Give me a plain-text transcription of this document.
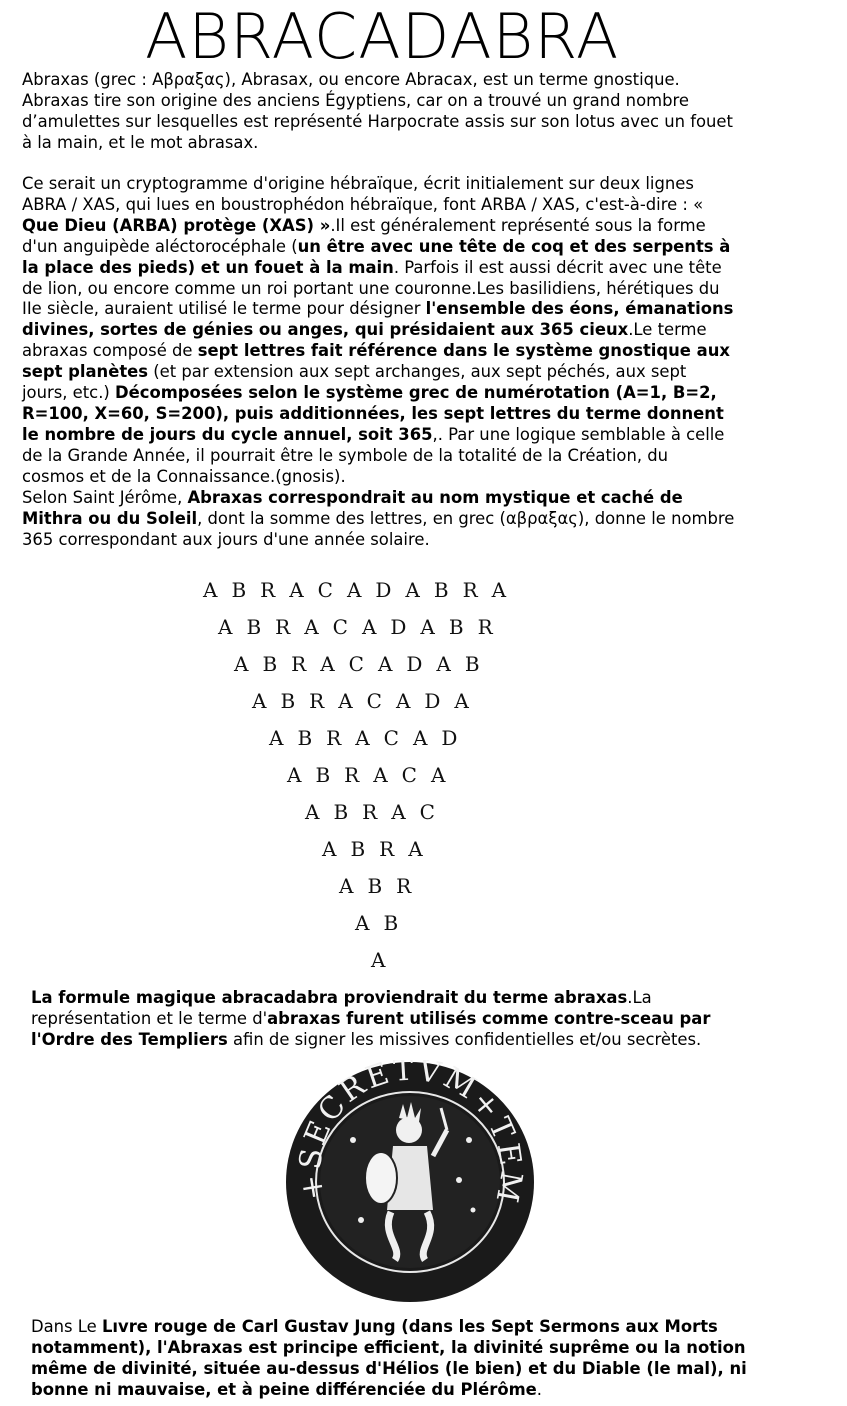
ABRACADABRA
Abraxas (grec : Αβραξας), Abrasax, ou encore Abracax, est un terme gnostique.
Abraxas tire son origine des anciens Égyptiens, car on a trouvé un grand nombre
d’amulettes sur lesquelles est représenté Harpocrate assis sur son lotus avec un fouet
à la main, et le mot abrasax.
Ce serait un cryptogramme d'origine hébraïque, écrit initialement sur deux lignes
ABRA / XAS, qui lues en boustrophédon hébraïque, font ARBA / XAS, c'est-à-dire : «
Que Dieu (ARBA) protège (XAS) ».Il est généralement représenté sous la forme
d'un anguipède aléctorocéphale (un être avec une tête de coq et des serpents à
la place des pieds) et un fouet à la main. Parfois il est aussi décrit avec une tête
de lion, ou encore comme un roi portant une couronne.Les basilidiens, hérétiques du
IIe siècle, auraient utilisé le terme pour désigner l'ensemble des éons, émanations
divines, sortes de génies ou anges, qui présidaient aux 365 cieux.Le terme
abraxas composé de sept lettres fait référence dans le système gnostique aux
sept planètes (et par extension aux sept archanges, aux sept péchés, aux sept
jours, etc.) Décomposées selon le système grec de numérotation (A=1, B=2,
R=100, X=60, S=200), puis additionnées, les sept lettres du terme donnent
le nombre de jours du cycle annuel, soit 365,. Par une logique semblable à celle
de la Grande Année, il pourrait être le symbole de la totalité de la Création, du
cosmos et de la Connaissance.(gnosis).
Selon Saint Jérôme, Abraxas correspondrait au nom mystique et caché de
Mithra ou du Soleil, dont la somme des lettres, en grec (αβραξας), donne le nombre
365 correspondant aux jours d'une année solaire.
ABRACADABRA
ABRACADABR
ABRACADAB
ABRACADA
ABRACAD
ABRACA
ABRAC
ABRA
ABR
AB
A
La formule magique abracadabra proviendrait du terme abraxas.La
représentation et le terme d'abraxas furent utilisés comme contre-sceau par
l'Ordre des Templiers afin de signer les missives confidentielles et/ou secrètes.
+SECRETVM+TEM
Dans Le Lıvre rouge de Carl Gustav Jung (dans les Sept Sermons aux Morts
notamment), l'Abraxas est principe efficient, la divinité suprême ou la notion
même de divinité, située au-dessus d'Hélios (le bien) et du Diable (le mal), ni
bonne ni mauvaise, et à peine différenciée du Plérôme.
